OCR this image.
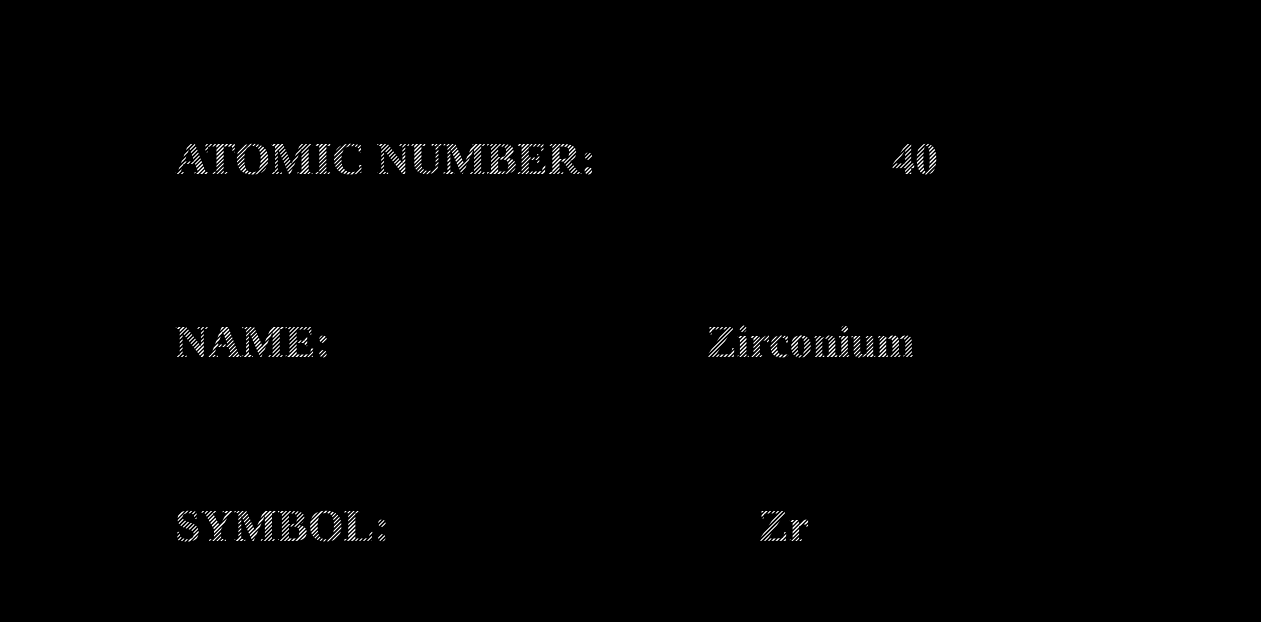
ATOMIC NUMBER:	40
NAME:	Zirconium
SYMBOL:	Zr
